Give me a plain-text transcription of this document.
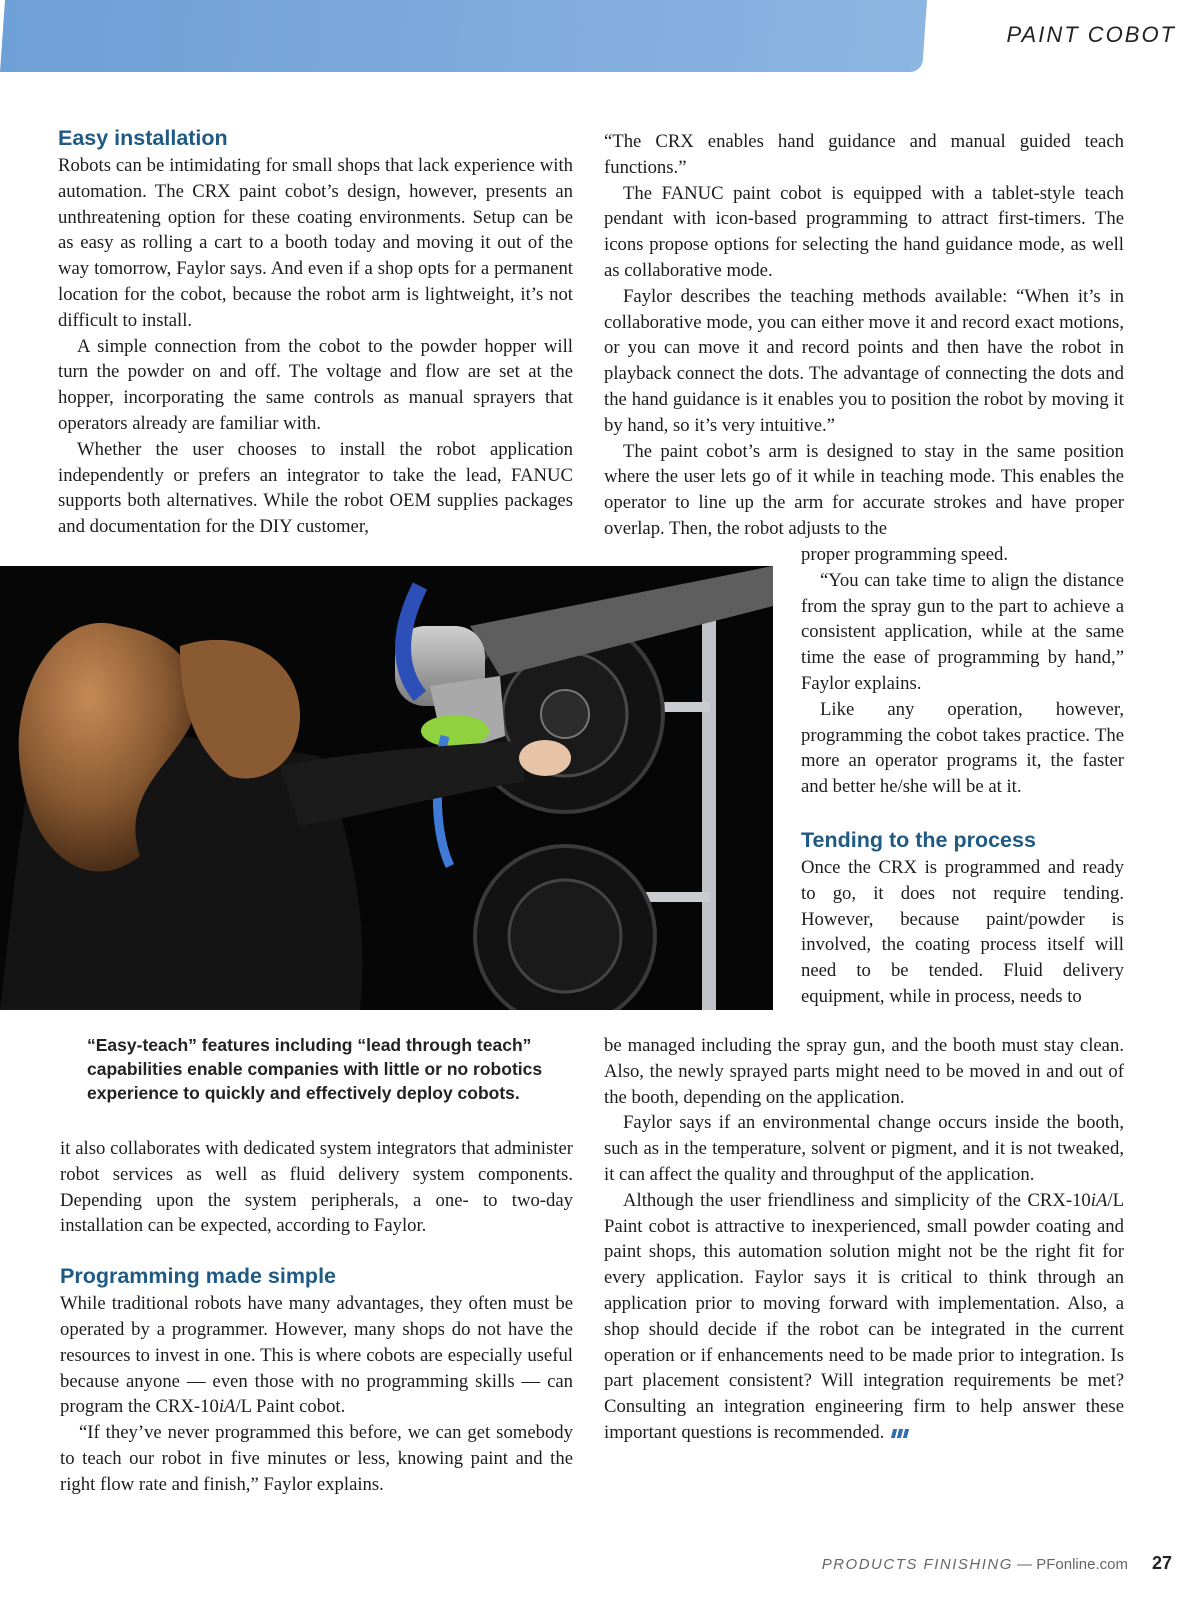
PAINT COBOT
Easy installation

Robots can be intimidating for small shops that lack experience with automation. The CRX paint cobot’s design, however, presents an unthreatening option for these coating environments. Setup can be as easy as rolling a cart to a booth today and moving it out of the way tomorrow, Faylor says. And even if a shop opts for a permanent location for the cobot, because the robot arm is lightweight, it’s not difficult to install.

A simple connection from the cobot to the powder hopper will turn the powder on and off. The voltage and flow are set at the hopper, incorporating the same controls as manual sprayers that operators already are familiar with.

Whether the user chooses to install the robot application independently or prefers an integrator to take the lead, FANUC supports both alternatives. While the robot OEM supplies packages and documentation for the DIY customer,

“The CRX enables hand guidance and manual guided teach functions.”

The FANUC paint cobot is equipped with a tablet-style teach pendant with icon-based programming to attract first-timers. The icons propose options for selecting the hand guidance mode, as well as collaborative mode.

Faylor describes the teaching methods available: “When it’s in collaborative mode, you can either move it and record exact motions, or you can move it and record points and then have the robot in playback connect the dots. The advantage of connecting the dots and the hand guidance is it enables you to position the robot by moving it by hand, so it’s very intuitive.”

The paint cobot’s arm is designed to stay in the same position where the user lets go of it while in teaching mode. This enables the operator to line up the arm for accurate strokes and have proper overlap. Then, the robot adjusts to the

proper programming speed.

“You can take time to align the distance from the spray gun to the part to achieve a consistent application, while at the same time the ease of programming by hand,” Faylor explains.

Like any operation, however, programming the cobot takes practice. The more an operator programs it, the faster and better he/she will be at it.

Tending to the process

Once the CRX is programmed and ready to go, it does not require tending. However, because paint/powder is involved, the coating process itself will need to be tended. Fluid delivery equipment, while in process, needs to

“Easy-teach” features including “lead through teach” capabilities enable companies with little or no robotics experience to quickly and effectively deploy cobots.

be managed including the spray gun, and the booth must stay clean. Also, the newly sprayed parts might need to be moved in and out of the booth, depending on the application.

Faylor says if an environmental change occurs inside the booth, such as in the temperature, solvent or pigment, and it is not tweaked, it can affect the quality and throughput of the application.

Although the user friendliness and simplicity of the CRX-10iA/L Paint cobot is attractive to inexperienced, small powder coating and paint shops, this automation solution might not be the right fit for every application. Faylor says it is critical to think through an application prior to moving forward with implementation. Also, a shop should decide if the robot can be integrated in the current operation or if enhancements need to be made prior to integration. Is part placement consistent? Will integration requirements be met? Consulting an integration engineering firm to help answer these important questions is recommended.

it also collaborates with dedicated system integrators that administer robot services as well as fluid delivery system components. Depending upon the system peripherals, a one- to two-day installation can be expected, according to Faylor.

Programming made simple

While traditional robots have many advantages, they often must be operated by a programmer. However, many shops do not have the resources to invest in one. This is where cobots are especially useful because anyone — even those with no programming skills — can program the CRX-10iA/L Paint cobot.

“If they’ve never programmed this before, we can get somebody to teach our robot in five minutes or less, knowing paint and the right flow rate and finish,” Faylor explains.

PRODUCTS FINISHING — PFonline.com 27
